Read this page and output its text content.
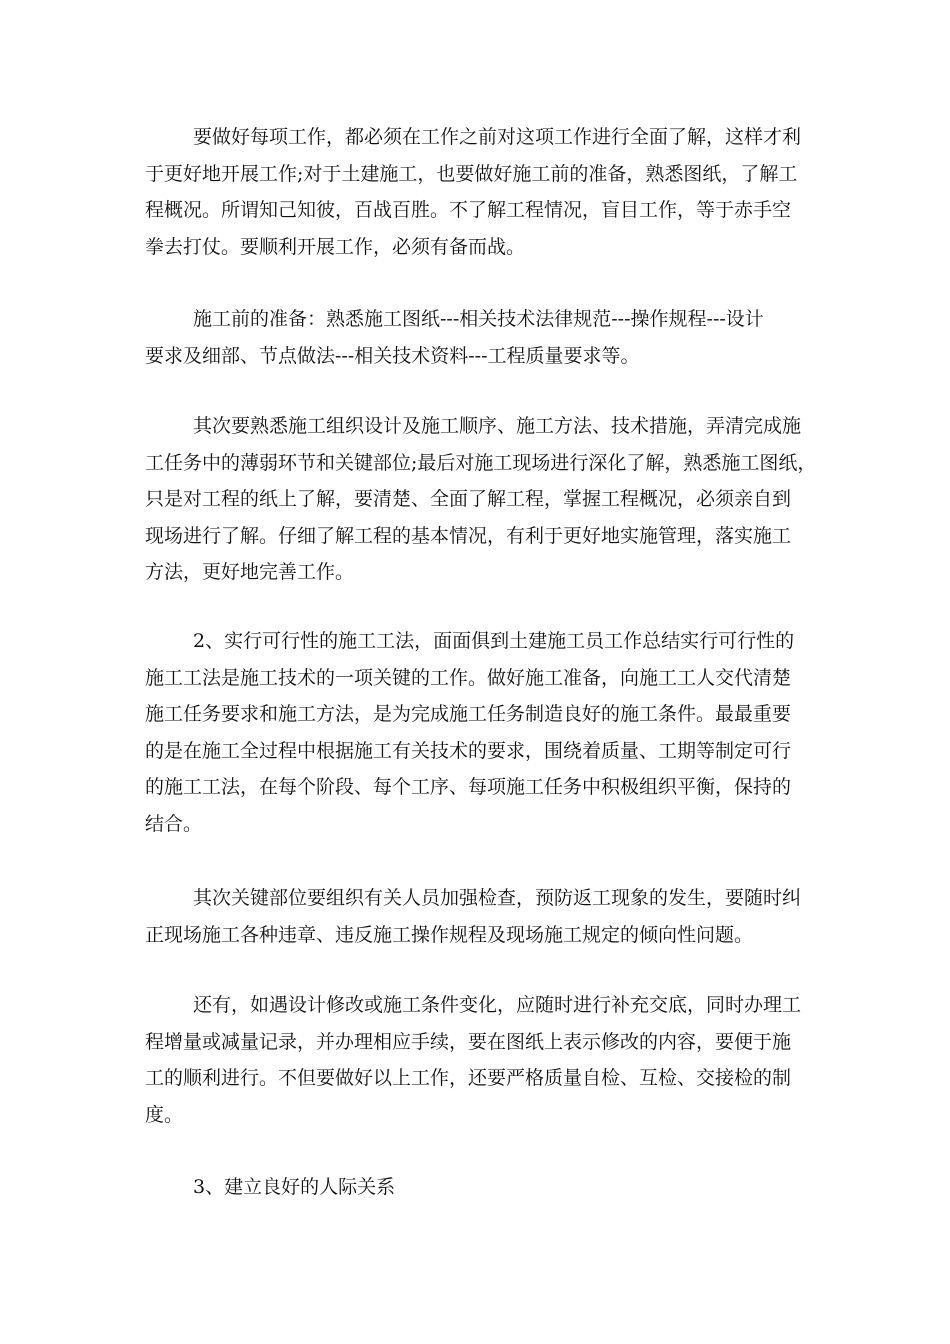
要做好每项工作，都必须在工作之前对这项工作进行全面了解，这样才利
于更好地开展工作;对于土建施工，也要做好施工前的准备，熟悉图纸，了解工
程概况。所谓知己知彼，百战百胜。不了解工程情况，盲目工作，等于赤手空
拳去打仗。要顺利开展工作，必须有备而战。
施工前的准备：熟悉施工图纸---相关技术法律规范---操作规程---设计
要求及细部、节点做法---相关技术资料---工程质量要求等。
其次要熟悉施工组织设计及施工顺序、施工方法、技术措施，弄清完成施
工任务中的薄弱环节和关键部位;最后对施工现场进行深化了解，熟悉施工图纸，
只是对工程的纸上了解，要清楚、全面了解工程，掌握工程概况，必须亲自到
现场进行了解。仔细了解工程的基本情况，有利于更好地实施管理，落实施工
方法，更好地完善工作。
2、实行可行性的施工工法，面面俱到土建施工员工作总结实行可行性的
施工工法是施工技术的一项关键的工作。做好施工准备，向施工工人交代清楚
施工任务要求和施工方法，是为完成施工任务制造良好的施工条件。最最重要
的是在施工全过程中根据施工有关技术的要求，围绕着质量、工期等制定可行
的施工工法，在每个阶段、每个工序、每项施工任务中积极组织平衡，保持的
结合。
其次关键部位要组织有关人员加强检查，预防返工现象的发生，要随时纠
正现场施工各种违章、违反施工操作规程及现场施工规定的倾向性问题。
还有，如遇设计修改或施工条件变化，应随时进行补充交底，同时办理工
程增量或减量记录，并办理相应手续，要在图纸上表示修改的内容，要便于施
工的顺利进行。不但要做好以上工作，还要严格质量自检、互检、交接检的制
度。
3、建立良好的人际关系
